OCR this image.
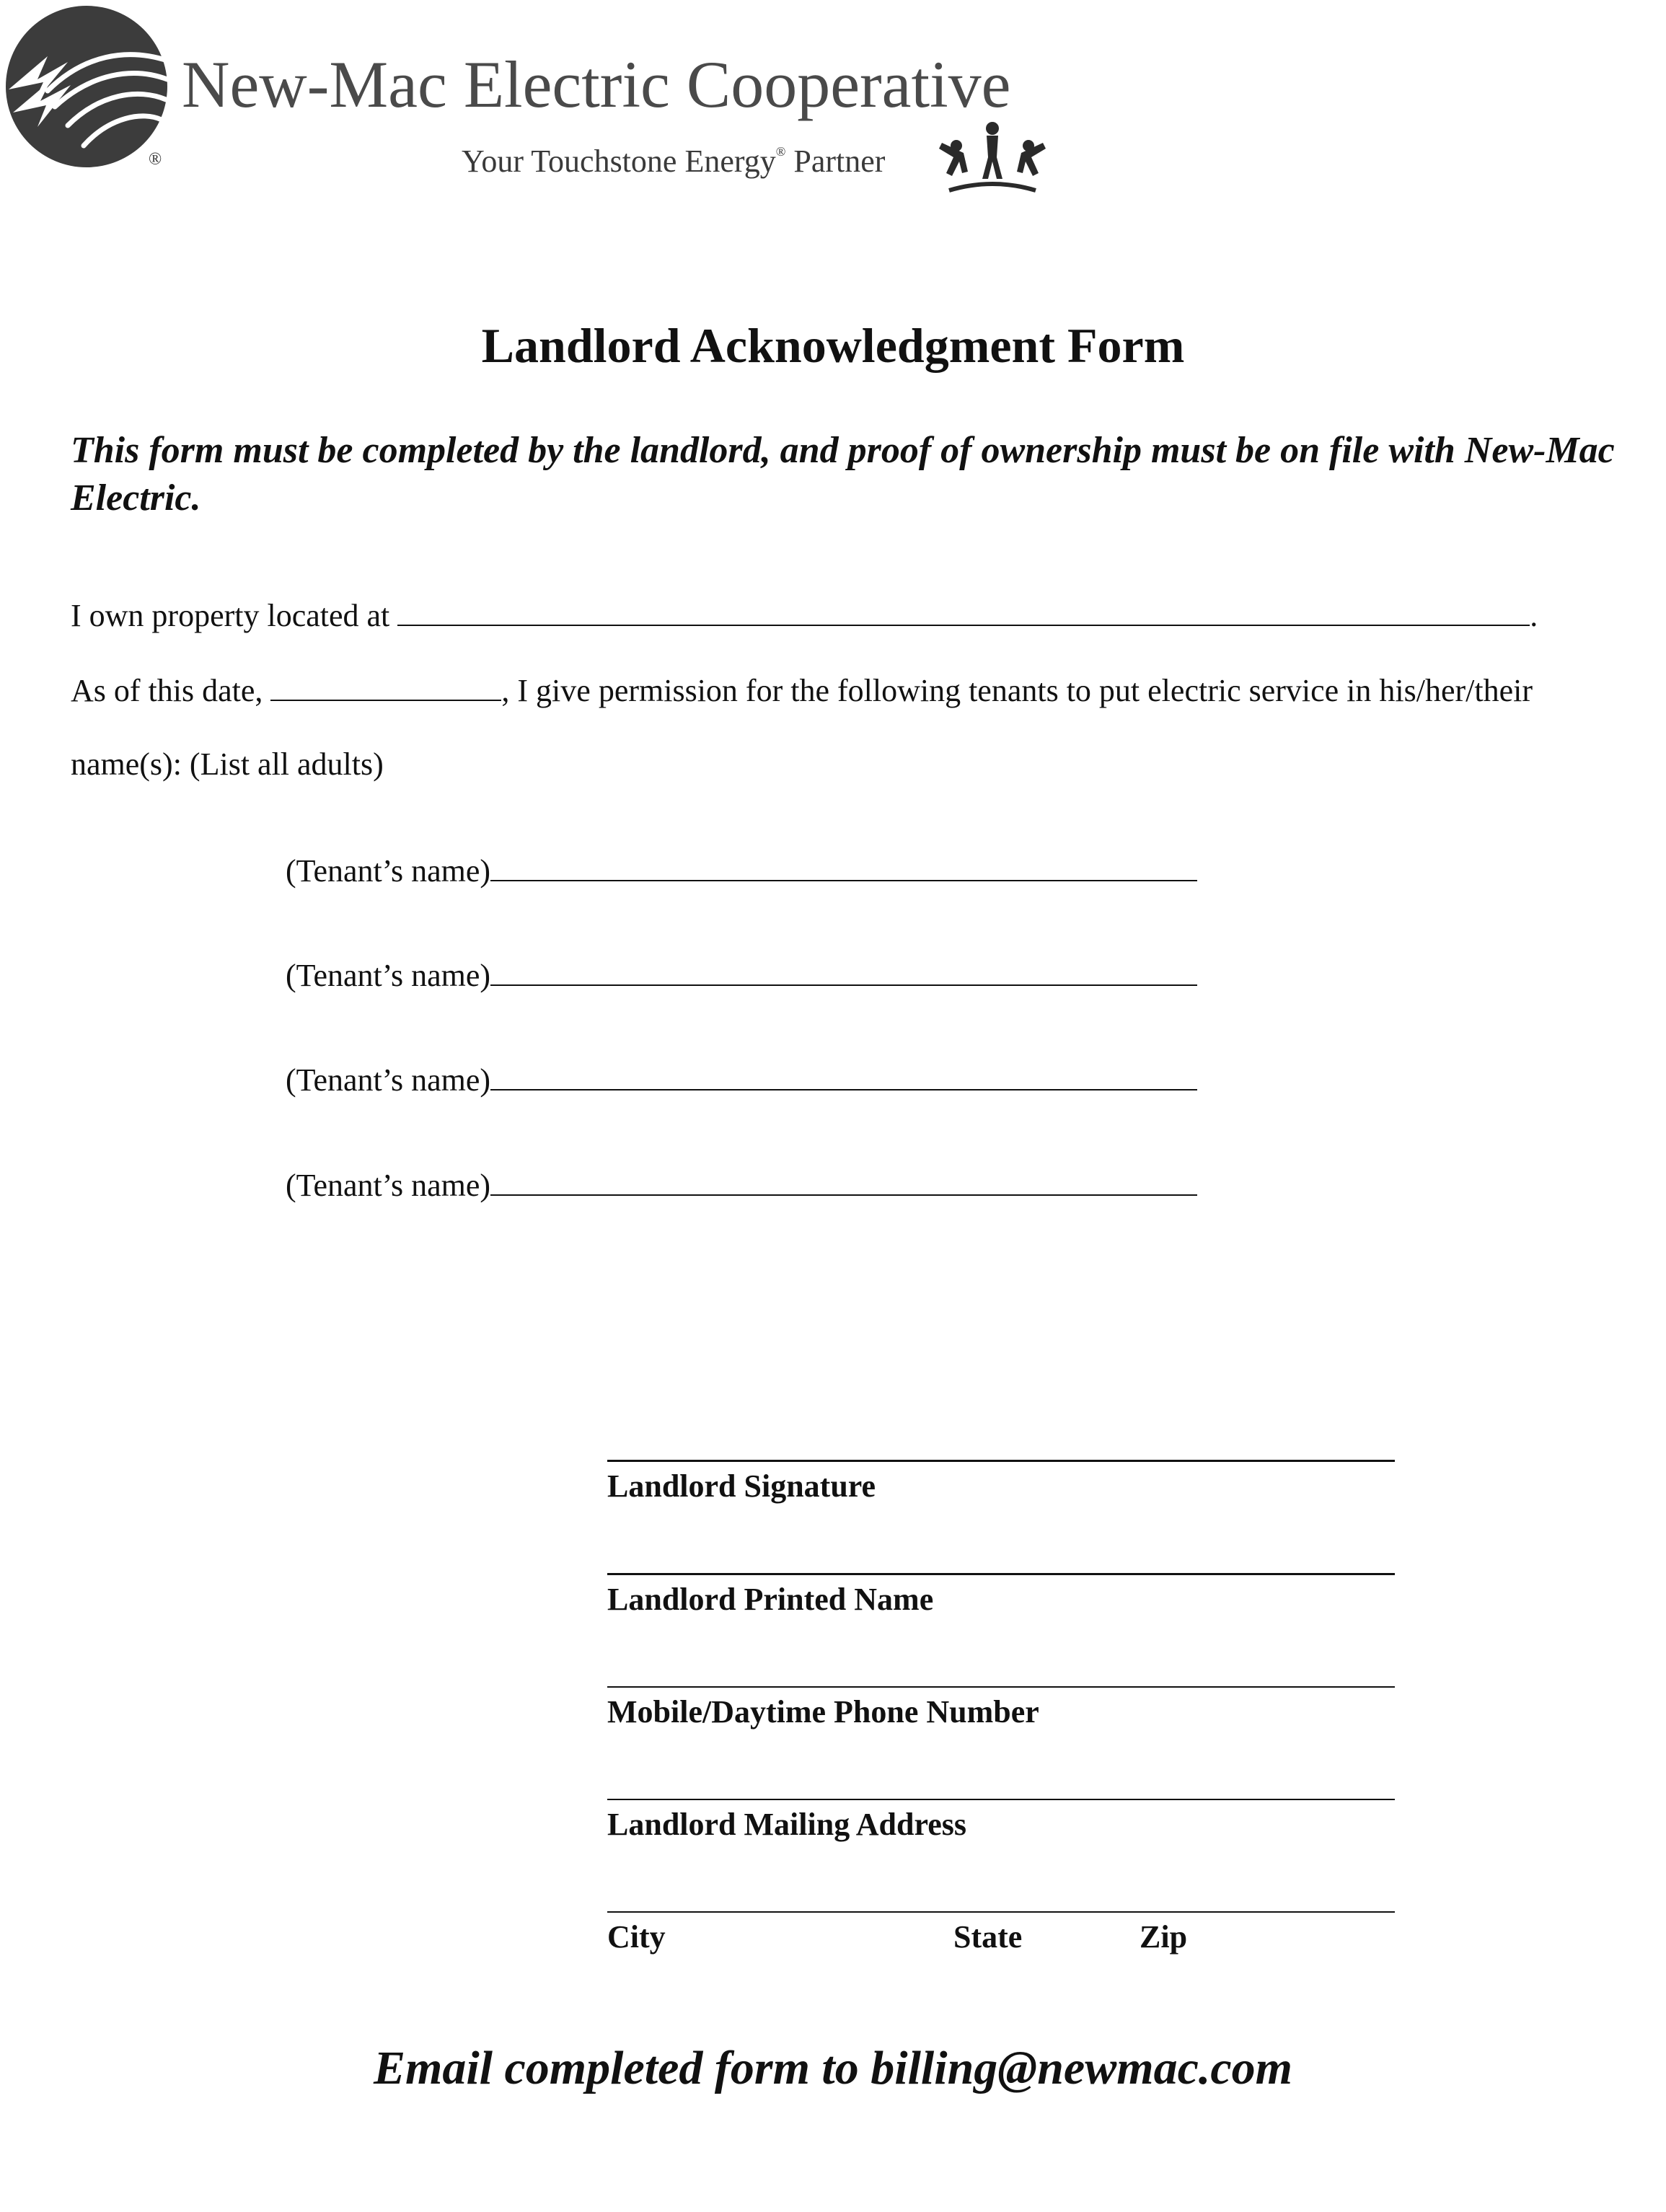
®
New-Mac Electric Cooperative
Your Touchstone Energy® Partner
Landlord Acknowledgment Form
This form must be completed by the landlord, and proof of ownership must be on file with New-Mac Electric.
I own property located at	.
As of this date,	, I give permission for the following tenants to put electric service in his/her/their
name(s): (List all adults)
(Tenant’s name)
(Tenant’s name)
(Tenant’s name)
(Tenant’s name)
Landlord Signature
Landlord Printed Name
Mobile/Daytime Phone Number
Landlord Mailing Address
City	State	Zip
Email completed form to billing@newmac.com
